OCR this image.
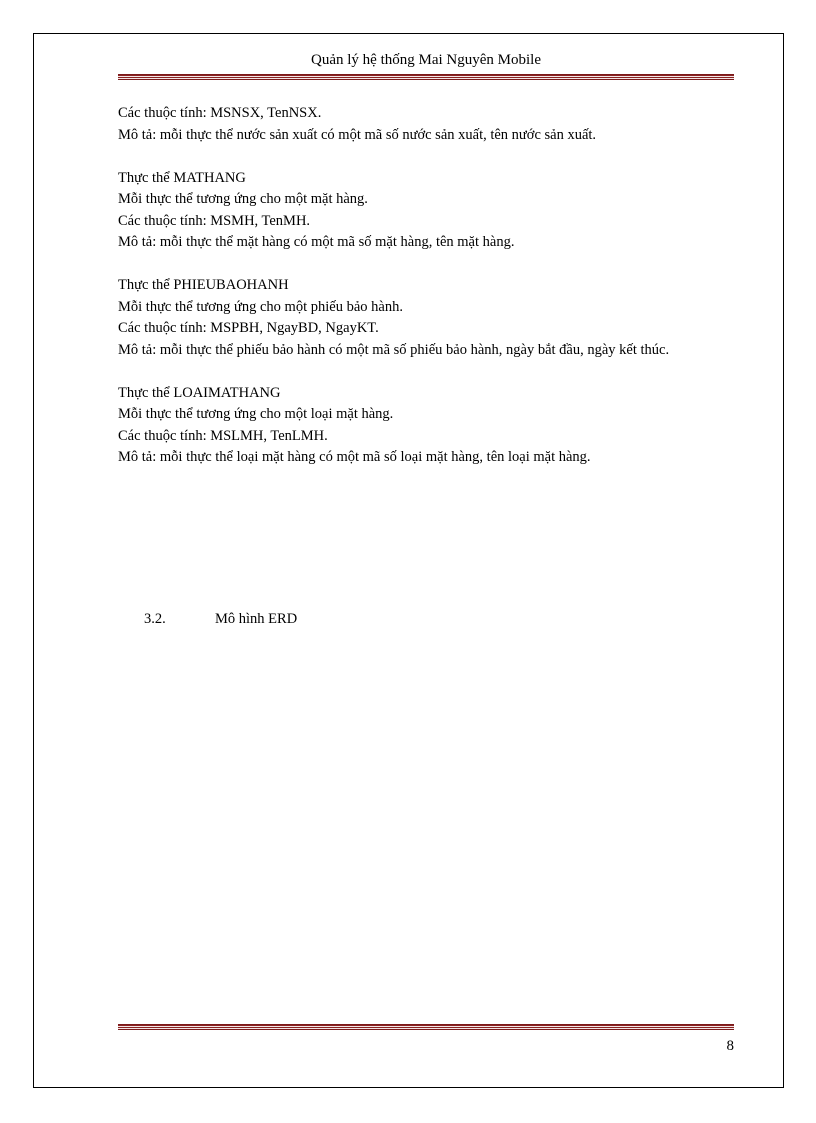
Quản lý hệ thống Mai Nguyên Mobile

Các thuộc tính: MSNSX, TenNSX.

Mô tả: mỗi thực thể nước sản xuất có một mã số nước sản xuất, tên nước sản xuất.

Thực thể MATHANG

Mỗi thực thể tương ứng cho một mặt hàng.

Các thuộc tính: MSMH, TenMH.

Mô tả: mỗi thực thể mặt hàng có một mã số mặt hàng, tên mặt hàng.

Thực thể PHIEUBAOHANH

Mỗi thực thể tương ứng cho một phiếu bảo hành.

Các thuộc tính: MSPBH, NgayBD, NgayKT.

Mô tả: mỗi thực thể phiếu bảo hành có một mã số phiếu bảo hành, ngày bắt đầu, ngày kết thúc.

Thực thể LOAIMATHANG

Mỗi thực thể tương ứng cho một loại mặt hàng.

Các thuộc tính: MSLMH, TenLMH.

Mô tả: mỗi thực thể loại mặt hàng có một mã số loại mặt hàng, tên loại mặt hàng.

3.2.	Mô hình ERD
8
